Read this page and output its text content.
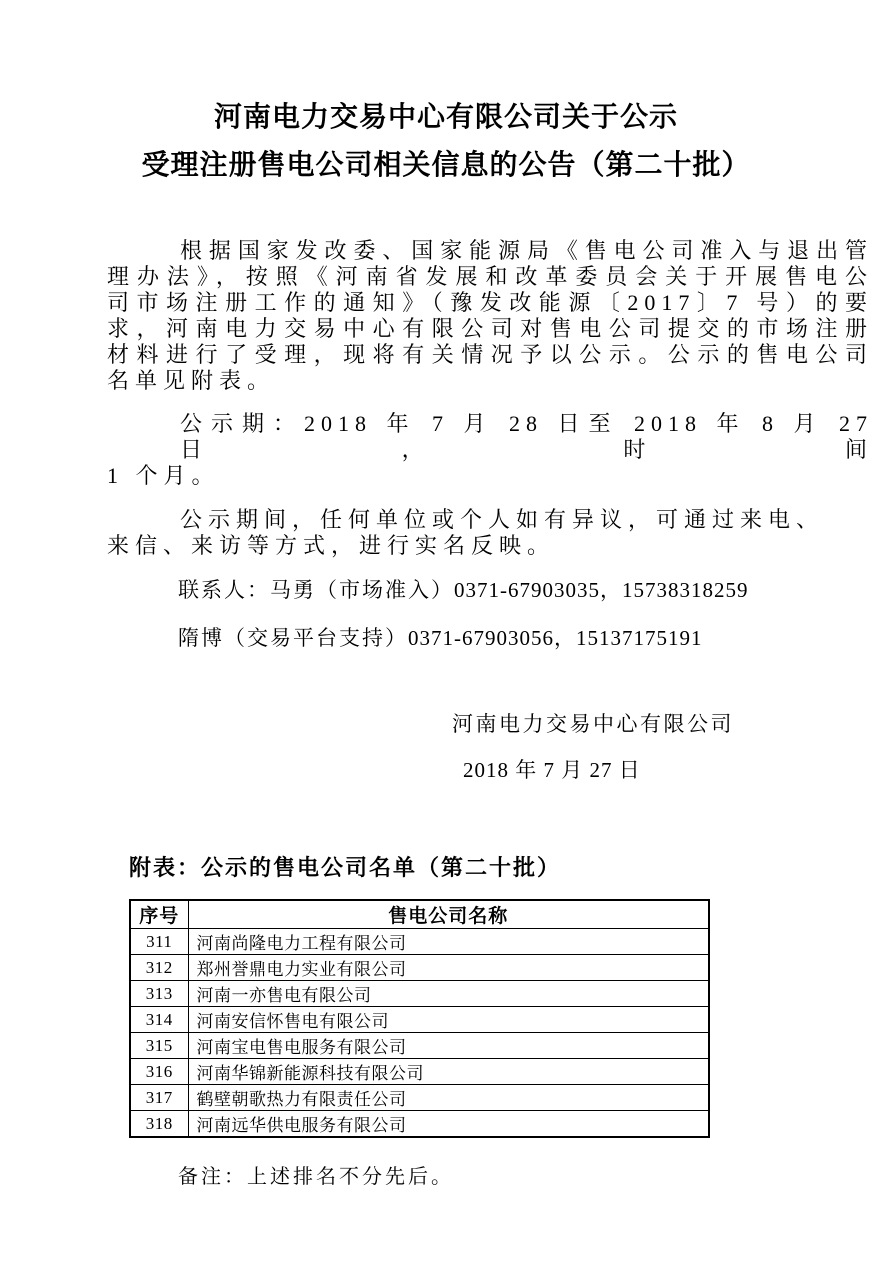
河南电力交易中心有限公司关于公示
受理注册售电公司相关信息的公告（第二十批）
根据国家发改委、国家能源局《售电公司准入与退出管
理办法》，按照《河南省发展和改革委员会关于开展售电公
司市场注册工作的通知》（豫发改能源〔2017〕7 号）的要
求，河南电力交易中心有限公司对售电公司提交的市场注册
材料进行了受理，现将有关情况予以公示。公示的售电公司
名单见附表。
公示期：2018 年 7 月 28 日至 2018 年 8 月 27 日，时间
1 个月。
公示期间，任何单位或个人如有异议，可通过来电、
来信、来访等方式，进行实名反映。
联系人：马勇（市场准入）0371-67903035，15738318259
隋博（交易平台支持）0371-67903056，15137175191
河南电力交易中心有限公司
2018 年 7 月 27 日
附表：公示的售电公司名单（第二十批）
序号	售电公司名称
311	河南尚隆电力工程有限公司
312	郑州誉鼎电力实业有限公司
313	河南一亦售电有限公司
314	河南安信怀售电有限公司
315	河南宝电售电服务有限公司
316	河南华锦新能源科技有限公司
317	鹤壁朝歌热力有限责任公司
318	河南远华供电服务有限公司
备注：上述排名不分先后。
